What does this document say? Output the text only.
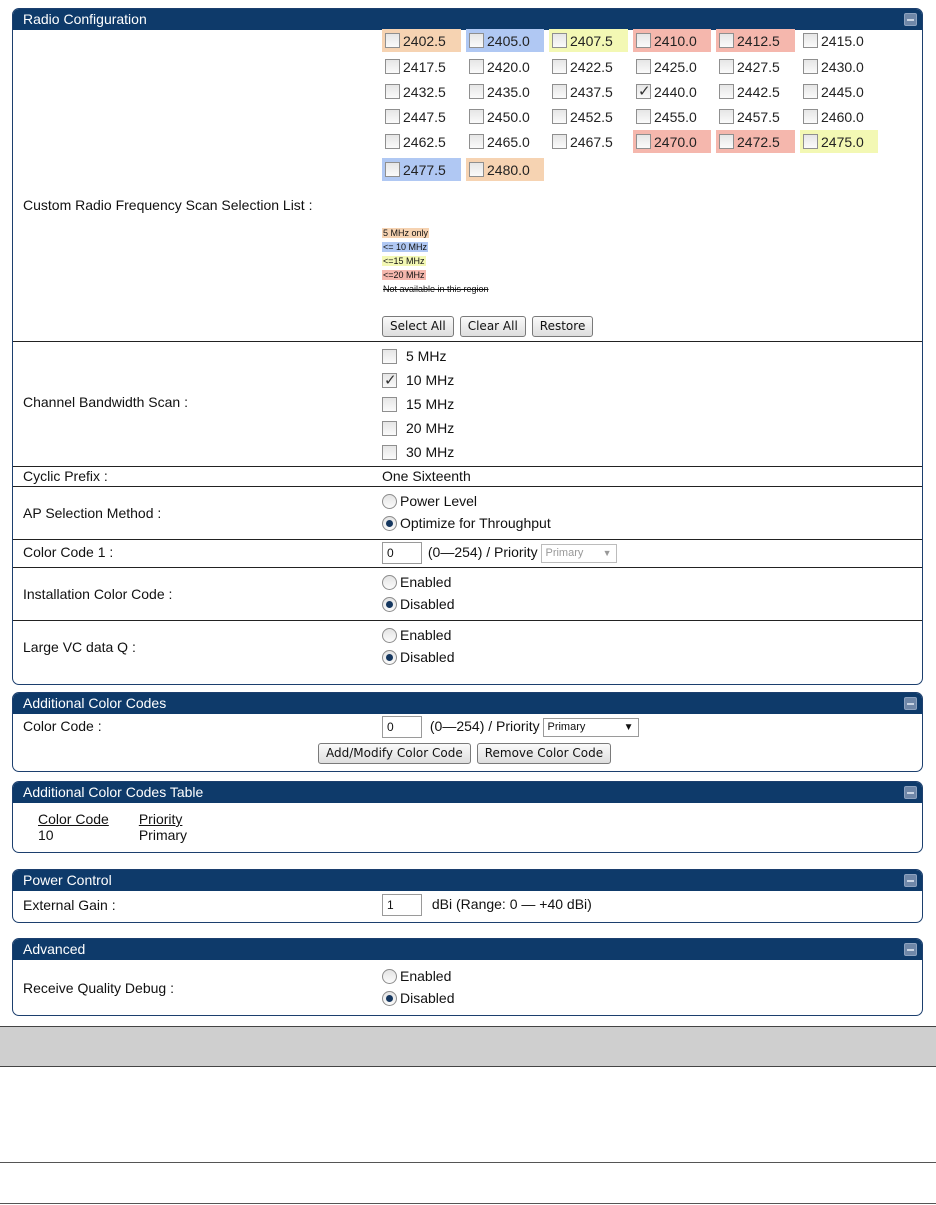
Radio Configuration
Custom Radio Frequency Scan Selection List :
2402.5	2405.0	2407.5	2410.0	2412.5	2415.0
2417.5	2420.0	2422.5	2425.0	2427.5	2430.0
2432.5	2435.0	2437.5 ✓	2440.0	2442.5	2445.0
2447.5	2450.0	2452.5	2455.0	2457.5	2460.0
2462.5	2465.0	2467.5	2470.0	2472.5	2475.0
2477.5	2480.0
5 MHz only
<= 10 MHz
<=15 MHz
<=20 MHz
Not available in this region
Select All Clear All Restore
Channel Bandwidth Scan :
5 MHz
✓
10 MHz
15 MHz
20 MHz
30 MHz
Cyclic Prefix :	One Sixteenth
AP Selection Method :
Power Level
Optimize for Throughput
Color Code 1 :	0 (0—254) / Priority Primary ▼
Installation Color Code :
Enabled
Disabled
Large VC data Q :
Enabled
Disabled
Additional Color Codes
Color Code :	0	(0—254) / Priority Primary	▼
Add/Modify Color Code Remove Color Code
Additional Color Codes Table
Color Code	Priority
10	Primary
Power Control
External Gain :	1	dBi (Range: 0 — +40 dBi)
Advanced
Receive Quality Debug :
Enabled
Disabled
